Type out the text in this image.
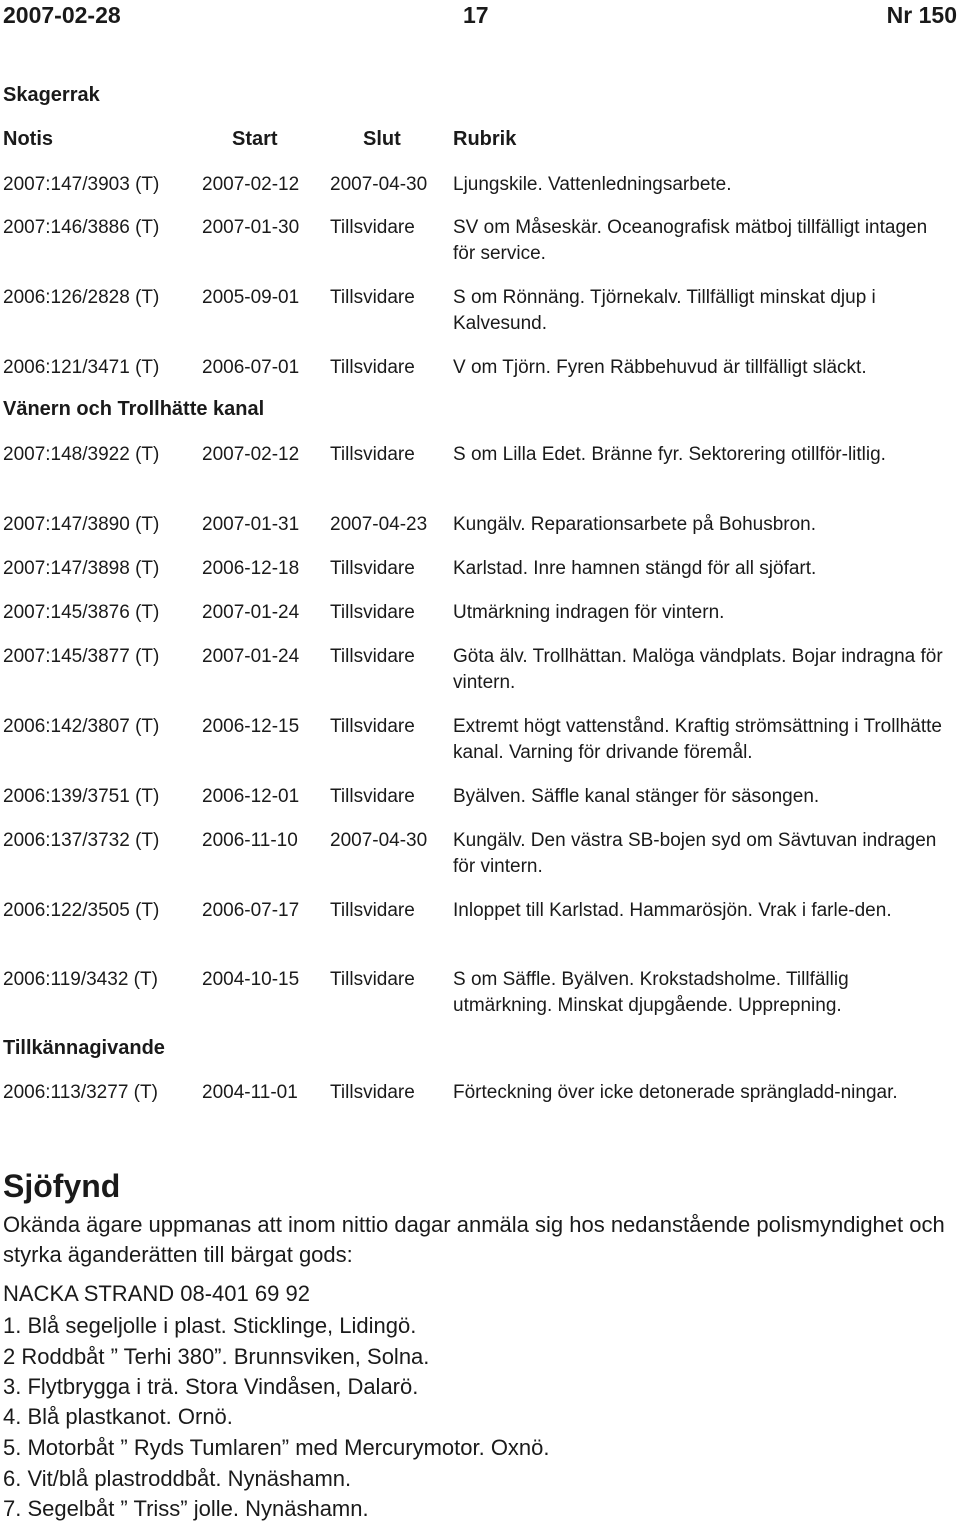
2007-02-28	17	Nr 150
Skagerrak
Notis	Start	Slut	Rubrik
2007:147/3903 (T) 2007-02-12 2007-04-30 Ljungskile. Vattenledningsarbete.
2007:146/3886 (T) 2007-01-30 Tillsvidare SV om Måseskär. Oceanografisk mätboj tillfälligt intagen för service.
2006:126/2828 (T) 2005-09-01 Tillsvidare S om Rönnäng. Tjörnekalv. Tillfälligt minskat djup i Kalvesund.
2006:121/3471 (T) 2006-07-01 Tillsvidare V om Tjörn. Fyren Räbbehuvud är tillfälligt släckt.
Vänern och Trollhätte kanal
2007:148/3922 (T) 2007-02-12 Tillsvidare S om Lilla Edet. Bränne fyr. Sektorering otillför-litlig.
2007:147/3890 (T) 2007-01-31 2007-04-23 Kungälv. Reparationsarbete på Bohusbron.
2007:147/3898 (T) 2006-12-18 Tillsvidare Karlstad. Inre hamnen stängd för all sjöfart.
2007:145/3876 (T) 2007-01-24 Tillsvidare Utmärkning indragen för vintern.
2007:145/3877 (T) 2007-01-24 Tillsvidare Göta älv. Trollhättan. Malöga vändplats. Bojar indragna för vintern.
2006:142/3807 (T) 2006-12-15 Tillsvidare Extremt högt vattenstånd. Kraftig strömsättning i Trollhätte kanal. Varning för drivande föremål.
2006:139/3751 (T) 2006-12-01 Tillsvidare Byälven. Säffle kanal stänger för säsongen.
2006:137/3732 (T) 2006-11-10 2007-04-30 Kungälv. Den västra SB-bojen syd om Sävtuvan indragen för vintern.
2006:122/3505 (T) 2006-07-17 Tillsvidare Inloppet till Karlstad. Hammarösjön. Vrak i farle-den.
2006:119/3432 (T) 2004-10-15 Tillsvidare S om Säffle. Byälven. Krokstadsholme. Tillfällig utmärkning. Minskat djupgående. Upprepning.
Tillkännagivande
2006:113/3277 (T) 2004-11-01 Tillsvidare Förteckning över icke detonerade sprängladd-ningar.
Sjöfynd
Okända ägare uppmanas att inom nittio dagar anmäla sig hos nedanstående polismyndighet och styrka äganderätten till bärgat gods:
NACKA STRAND 08-401 69 92
1. Blå segeljolle i plast. Sticklinge, Lidingö.
2 Roddbåt ” Terhi 380”. Brunnsviken, Solna.
3. Flytbrygga i trä. Stora Vindåsen, Dalarö.
4. Blå plastkanot. Ornö.
5. Motorbåt ” Ryds Tumlaren” med Mercurymotor. Oxnö.
6. Vit/blå plastroddbåt. Nynäshamn.
7. Segelbåt ” Triss” jolle. Nynäshamn.
